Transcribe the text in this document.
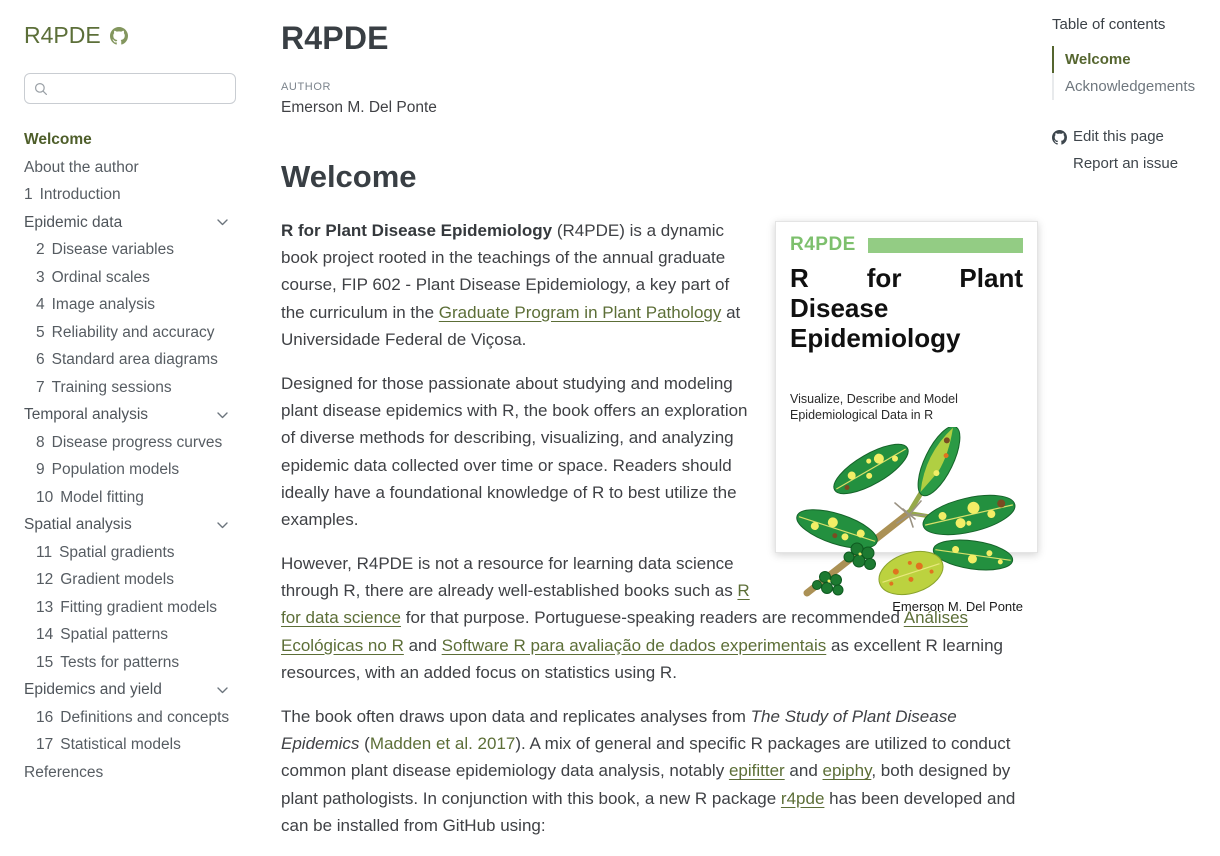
R4PDE
Welcome
About the author
1 Introduction
Epidemic data
2 Disease variables
3 Ordinal scales
4 Image analysis
5 Reliability and accuracy
6 Standard area diagrams
7 Training sessions
Temporal analysis
8 Disease progress curves
9 Population models
10 Model fitting
Spatial analysis
11 Spatial gradients
12 Gradient models
13 Fitting gradient models
14 Spatial patterns
15 Tests for patterns
Epidemics and yield
16 Definitions and concepts
17 Statistical models
References
R4PDE
AUTHOR
Emerson M. Del Ponte
Welcome
R4PDE
R for Plant Disease Epidemiology
Visualize, Describe and Model Epidemiological Data in R
Emerson M. Del Ponte

R for Plant Disease Epidemiology (R4PDE) is a dynamic book project rooted in the teachings of the annual graduate course, FIP 602 - Plant Disease Epidemiology, a key part of the curriculum in the Graduate Program in Plant Pathology at Universidade Federal de Viçosa.

Designed for those passionate about studying and modeling plant disease epidemics with R, the book offers an exploration of diverse methods for describing, visualizing, and analyzing epidemic data collected over time or space. Readers should ideally have a foundational knowledge of R to best utilize the examples.

However, R4PDE is not a resource for learning data science through R, there are already well-established books such as R for data science for that purpose. Portuguese-speaking readers are recommended Análises Ecológicas no R and Software R para avaliação de dados experimentais as excellent R learning resources, with an added focus on statistics using R.

The book often draws upon data and replicates analyses from The Study of Plant Disease Epidemics (Madden et al. 2017). A mix of general and specific R packages are utilized to conduct common plant disease epidemiology data analysis, notably epifitter and epiphy, both designed by plant pathologists. In conjunction with this book, a new R package r4pde has been developed and can be installed from GitHub using:

Table of contents
Welcome
Acknowledgements
Edit this page
Report an issue
